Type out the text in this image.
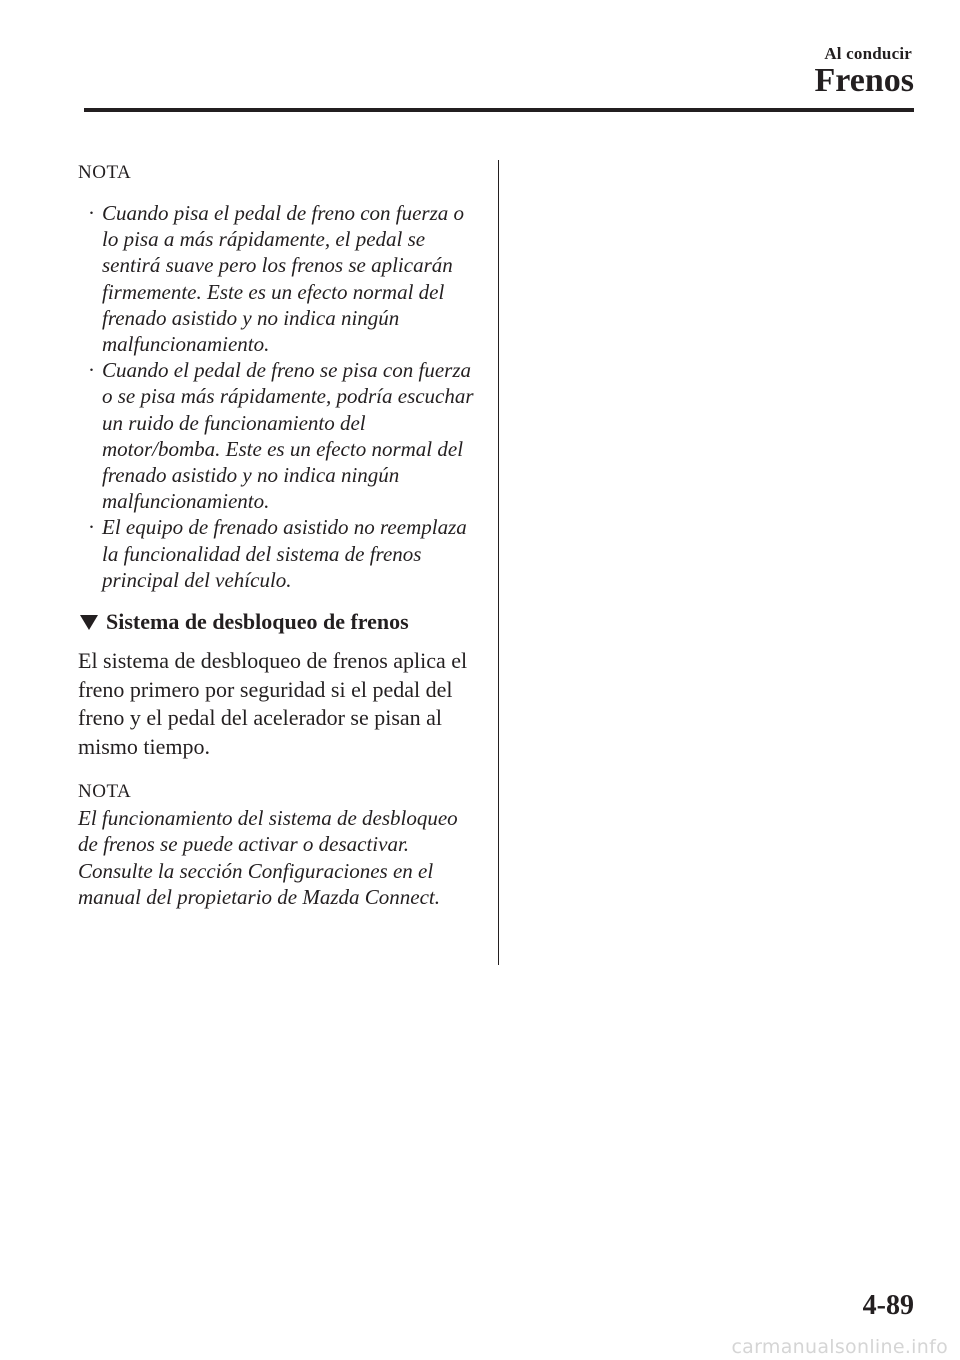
Al conducir
Frenos

NOTA

· Cuando pisa el pedal de freno con fuerza o lo pisa a más rápidamente, el pedal se sentirá suave pero los frenos se aplicarán firmemente. Este es un efecto normal del frenado asistido y no indica ningún malfuncionamiento.
· Cuando el pedal de freno se pisa con fuerza o se pisa más rápidamente, podría escuchar un ruido de funcionamiento del motor/bomba. Este es un efecto normal del frenado asistido y no indica ningún malfuncionamiento.
· El equipo de frenado asistido no reemplaza la funcionalidad del sistema de frenos principal del vehículo.
Sistema de desbloqueo de frenos

El sistema de desbloqueo de frenos aplica el freno primero por seguridad si el pedal del freno y el pedal del acelerador se pisan al mismo tiempo.

NOTA

El funcionamiento del sistema de desbloqueo de frenos se puede activar o desactivar. Consulte la sección Configuraciones en el manual del propietario de Mazda Connect.

4-89
carmanualsonline.info
